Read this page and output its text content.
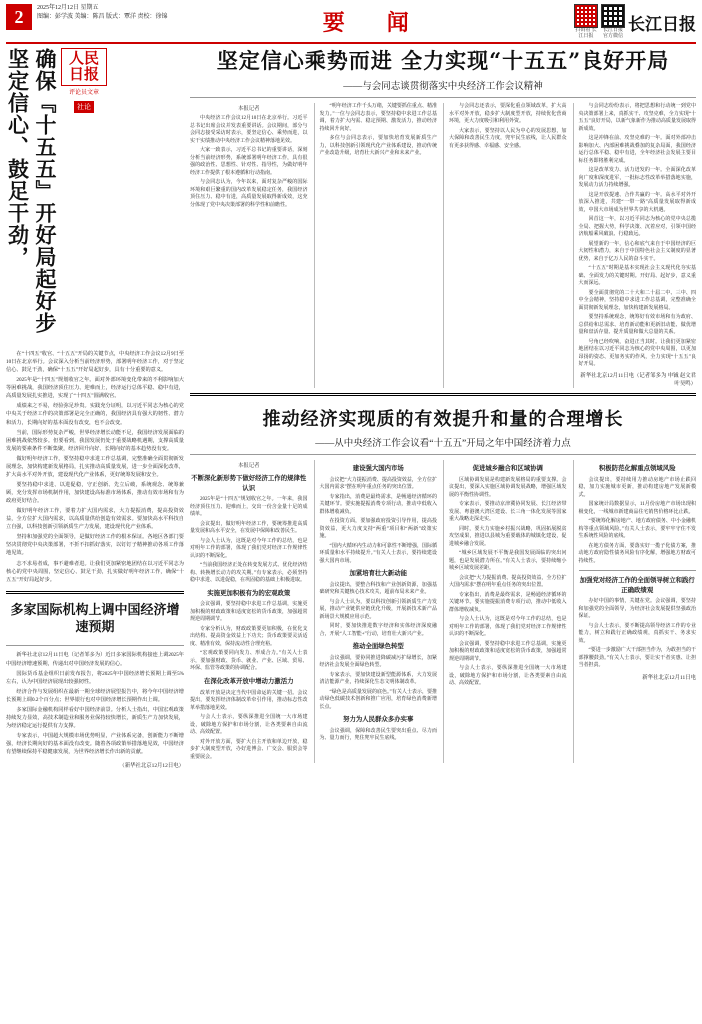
2	2025年12月12日 星期五
图编：彭学波 美编：陈昌 版式：覃洋 责校：徐锦	要　闻	扫码看 长江日报
长江日报 官方微信
长江日报
坚定信心、鼓足干劲， 确保『十五五』开好局起好步 人民日报
评论员文章
社论

在“十四五”收官、“十五五”开局的关键节点，中央经济工作会议12月9日至10日在北京举行。会议深入分析当前经济形势，部署明年经济工作，对于坚定信心、鼓足干劲，确保“十五五”开好局起好步，具有十分重要的意义。

2025年是“十四五”规划收官之年。面对外部环境变化带来的不利影响加大等困难挑战，我国经济顶住压力、迎难而上，经济运行总体平稳、稳中有进，高质量发展扎实推进，实现了“十四五”圆满收官。

成绩来之不易，经验弥足珍贵。实践充分证明，以习近平同志为核心的党中央关于经济工作的决策部署是完全正确的，我国经济具有强大的韧性、潜力和活力，长期向好的基本面没有改变，也不会改变。

当前，国际形势复杂严峻，世界经济增长动能不足，我国经济发展面临的困难挑战依然较多。但要看到，我国发展仍处于重要战略机遇期，支撑高质量发展的要素条件不断集聚，经济回升向好、长期向好的基本趋势没有变。

做好明年经济工作，要坚持稳中求进工作总基调，完整准确全面贯彻新发展理念，加快构建新发展格局，扎实推动高质量发展，进一步全面深化改革，扩大高水平对外开放，建设现代化产业体系，更好统筹发展和安全。

要坚持稳中求进、以进促稳，守正创新、先立后破，系统观念、统筹兼顾，充分发挥市场机制作用，加快建设高标准市场体系，推动有效市场和有为政府更好结合。

做好明年经济工作，要着力扩大国内需求，大力提振消费，提高投资效益，全方位扩大国内需求，以高质量供给创造有效需求。要加快高水平科技自立自强，以科技创新引领新质生产力发展，建设现代化产业体系。

坚持和加强党的全面领导，是做好经济工作的根本保证。各地区各部门要坚决贯彻党中央决策部署，不折不扣抓好落实，以钉钉子精神推动各项工作落地见效。

志不求易者成，事不避难者进。让我们更加紧密地团结在以习近平同志为核心的党中央周围，坚定信心、鼓足干劲，扎实做好明年经济工作，确保“十五五”开好局起好步。

多家国际机构上调中国经济增速预期

新华社北京12月11日电（记者邹多为）近日多家国际机构接连上调2025年中国经济增速预期，传递出对中国经济发展的信心。

国际货币基金组织日前发布报告，将2025年中国经济增长预期上调至5%左右，认为中国经济展现出较强韧性。

经济合作与发展组织在最新一期全球经济展望报告中，将今年中国经济增长预期上调0.2个百分点；世界银行也对中国经济增长预期作出上调。

多家国际金融机构同样看好中国经济前景。分析人士指出，中国宏观政策持续发力显效，高技术制造业和服务业保持较快增长，新质生产力加快发展，为经济稳定运行提供有力支撑。

专家表示，中国超大规模市场优势明显，产业体系完备，创新能力不断增强，经济长期向好的基本面没有改变。随着各项政策举措落地见效，中国经济有望继续保持平稳健康发展，为世界经济增长作出新的贡献。

（新华社北京12月12日电）
坚定信心乘势而进 全力实现“十五五”良好开局
——与会同志谈贯彻落实中央经济工作会议精神
本报记者

中央经济工作会议12月10日在北京举行。习近平总书记出席会议并发表重要讲话。会议期间，部分与会同志接受采访时表示，要坚定信心、乘势而进，以实干实绩推动中央经济工作会议精神落地见效。

大家一致表示，习近平总书记的重要讲话，深刻分析当前经济形势，系统部署明年经济工作，具有很强的政治性、思想性、针对性、指导性，为做好明年经济工作提供了根本遵循和行动指南。

与会同志认为，今年以来，面对复杂严峻的国际环境和艰巨繁重的国内改革发展稳定任务，我国经济顶住压力、稳中有进，高质量发展取得新成效，这充分体现了党中央决策部署的科学性和前瞻性。

“明年经济工作千头万绪，关键要抓住重点、精准发力。”一位与会同志表示，要坚持稳中求进工作总基调，着力扩大内需、稳定预期、激发活力，推动经济持续回升向好。

多位与会同志表示，要加快培育发展新质生产力，以科技创新引领现代化产业体系建设，推动传统产业改造升级，培育壮大新兴产业和未来产业。

与会同志还表示，要深化重点领域改革，扩大高水平对外开放，稳步扩大制度型开放，持续优化营商环境，更大力度吸引和利用外资。

大家表示，要坚持以人民为中心的发展思想，加大保障和改善民生力度，兜牢民生底线，让人民群众有更多获得感、幸福感、安全感。

与会同志纷纷表示，将把思想和行动统一到党中央决策部署上来，真抓实干、攻坚克难，全力实现“十五五”良好开局，以新气象新作为推动高质量发展取得新成效。

这是冲锋在前、攻坚克难的一年。面对外部冲击影响加大、内部困难挑战叠加的复杂局面，我国经济运行总体平稳、稳中有进，全年经济社会发展主要目标任务即将胜利完成。

这是改革发力、活力迸发的一年。全面深化改革向广度和深度进军，一批标志性改革举措落地实施，发展动力活力持续增强。

这是开放提速、合作共赢的一年。高水平对外开放深入推进，共建“一带一路”高质量发展取得新成效，中国大市场成为世界共享的大机遇。

回首这一年，以习近平同志为核心的党中央总揽全局、把握大势，科学决策、沉着应对，引领中国经济航船乘风破浪、行稳致远。

展望新的一年，信心和底气来自于中国经济的巨大韧性和潜力，来自于中国特色社会主义制度的显著优势，来自于亿万人民的奋斗实干。

“十五五”时期是基本实现社会主义现代化夯实基础、全面发力的关键时期。开好局、起好步，意义重大而深远。

要全面贯彻党的二十大和二十届二中、三中、四中全会精神，坚持稳中求进工作总基调，完整准确全面贯彻新发展理念，加快构建新发展格局。

要坚持系统观念，统筹好有效市场和有为政府、总供给和总需求、培育新动能和更新旧动能、做优增量和盘活存量、提升质量和做大总量的关系。

号角已经吹响，奋进正当其时。让我们更加紧密地团结在以习近平同志为核心的党中央周围，以更加昂扬的姿态、更加务实的作风，全力实现“十五五”良好开局。

新华社北京12月11日电（记者邹多为 申铖 赵文君 叶昊鸣）
推动经济实现质的有效提升和量的合理增长
——从中央经济工作会议看“十五五”开局之年中国经济着力点
本报记者
不断深化新形势下做好经济工作的规律性认识

2025年是“十四五”规划收官之年。一年来，我国经济顶住压力、迎难而上，交出一份含金量十足的成绩单。

会议提出，做好明年经济工作，要统筹推进高质量发展和高水平安全，在发展中保障和改善民生。

与会人士认为，这既是对今年工作的总结，也是对明年工作的部署，体现了我们党对经济工作规律性认识的不断深化。

“当前我国经济正处在转变发展方式、优化经济结构、转换增长动力的攻关期。”有专家表示，必须坚持稳中求进、以进促稳，在巩固稳的基础上积极进取。

实施更加积极有为的宏观政策

会议强调，要坚持稳中求进工作总基调，实施更加积极的财政政策和适度宽松的货币政策，加强超常规逆周期调节。

专家分析认为，财政政策要更加积极，在优化支出结构、提高资金效益上下功夫；货币政策要灵活适度、精准有效，保持流动性合理充裕。

“宏观政策要同向发力、形成合力。”有关人士表示，要加强财政、货币、就业、产业、区域、贸易、环保、监管等政策的协调配合。

在深化改革开放中增动力激活力

改革开放是决定当代中国命运的关键一招。会议提出，要发挥经济体制改革牵引作用，推动标志性改革举措落地见效。

与会人士表示，要纵深推进全国统一大市场建设，破除地方保护和市场分割，让各类要素自由流动、高效配置。

对外开放方面，要扩大自主开放和单边开放，稳步扩大制度型开放，办好进博会、广交会、服贸会等重要展会。

建设强大国内市场

会议把“大力提振消费、提高投资效益，全方位扩大国内需求”摆在明年重点任务的突出位置。

专家指出，消费是最终需求，是畅通经济循环的关键环节。要实施提振消费专项行动，推动中低收入群体增收减负。

在投资方面，要加强政府投资引导作用，提高投资效益，更大力度支持“两重”项目和“两新”政策实施。

“国内大循环内生动力和可靠性不断增强，国际循环质量和水平持续提升。”有关人士表示，要持续建设强大国内市场。

加紧培育壮大新动能

会议提出，要整合科技和产业创新资源，加强基础研究和关键核心技术攻关，超前布局未来产业。

与会人士认为，要以科技创新引领新质生产力发展，推动产业链供应链优化升级，开展新技术新产品新场景大规模应用示范。

同时，要加快推进数字经济和实体经济深度融合，开展“人工智能+”行动，培育壮大新兴产业。

推动全面绿色转型

会议强调，要协同推进降碳减污扩绿增长，加紧经济社会发展全面绿色转型。

专家表示，要加快建设新型能源体系，大力发展清洁能源产业，持续深化生态文明体制改革。

“绿色是高质量发展的底色。”有关人士表示，要推动绿色低碳技术创新和推广应用，培育绿色消费新增长点。

努力为人民群众多办实事

会议强调，保障和改善民生要突出重点、尽力而为、量力而行，兜住兜牢民生底线。

促进城乡融合和区域协调

区域协调发展是构建新发展格局的重要支撑。会议提出，要深入实施区域协调发展战略，增强区域发展的平衡性协调性。

专家表示，要推动京津冀协同发展、长江经济带发展、粤港澳大湾区建设、长三角一体化发展等国家重大战略走深走实。

同时，要大力实施乡村振兴战略，巩固拓展脱贫攻坚成果，推进以县城为重要载体的城镇化建设，促进城乡融合发展。

“城乡区域发展不平衡是我国发展面临的突出问题，也是发展潜力所在。”有关人士表示，要持续缩小城乡区域发展差距。

会议把“大力提振消费、提高投资效益，全方位扩大国内需求”摆在明年重点任务的突出位置。

专家指出，消费是最终需求，是畅通经济循环的关键环节。要实施提振消费专项行动，推动中低收入群体增收减负。

与会人士认为，这既是对今年工作的总结，也是对明年工作的部署，体现了我们党对经济工作规律性认识的不断深化。

会议强调，要坚持稳中求进工作总基调，实施更加积极的财政政策和适度宽松的货币政策，加强超常规逆周期调节。

与会人士表示，要纵深推进全国统一大市场建设，破除地方保护和市场分割，让各类要素自由流动、高效配置。

积极防范化解重点领域风险

会议提出，要持续用力推动房地产市场止跌回稳，加力实施城市更新，推动构建房地产发展新模式。

国家统计局数据显示，11月份房地产市场出现积极变化，一线城市新建商品住宅销售价格环比止跌。

“要统筹化解房地产、地方政府债务、中小金融机构等重点领域风险。”有关人士表示，要牢牢守住不发生系统性风险的底线。

在地方债务方面，要落实好一揽子化债方案，推动地方政府隐性债务风险有序化解，增强地方财政可持续性。

加强党对经济工作的全面领导树立和践行正确政绩观

办好中国的事情，关键在党。会议强调，要坚持和加强党的全面领导，为经济社会发展提供坚强政治保证。

与会人士表示，要不断提高领导经济工作的专业能力，树立和践行正确政绩观，真抓实干、务求实效。

“要进一步激励广大干部担当作为，为敢担当的干部撑腰鼓劲。”有关人士表示，要让实干者实惠、让担当者担责。

新华社北京12月11日电
